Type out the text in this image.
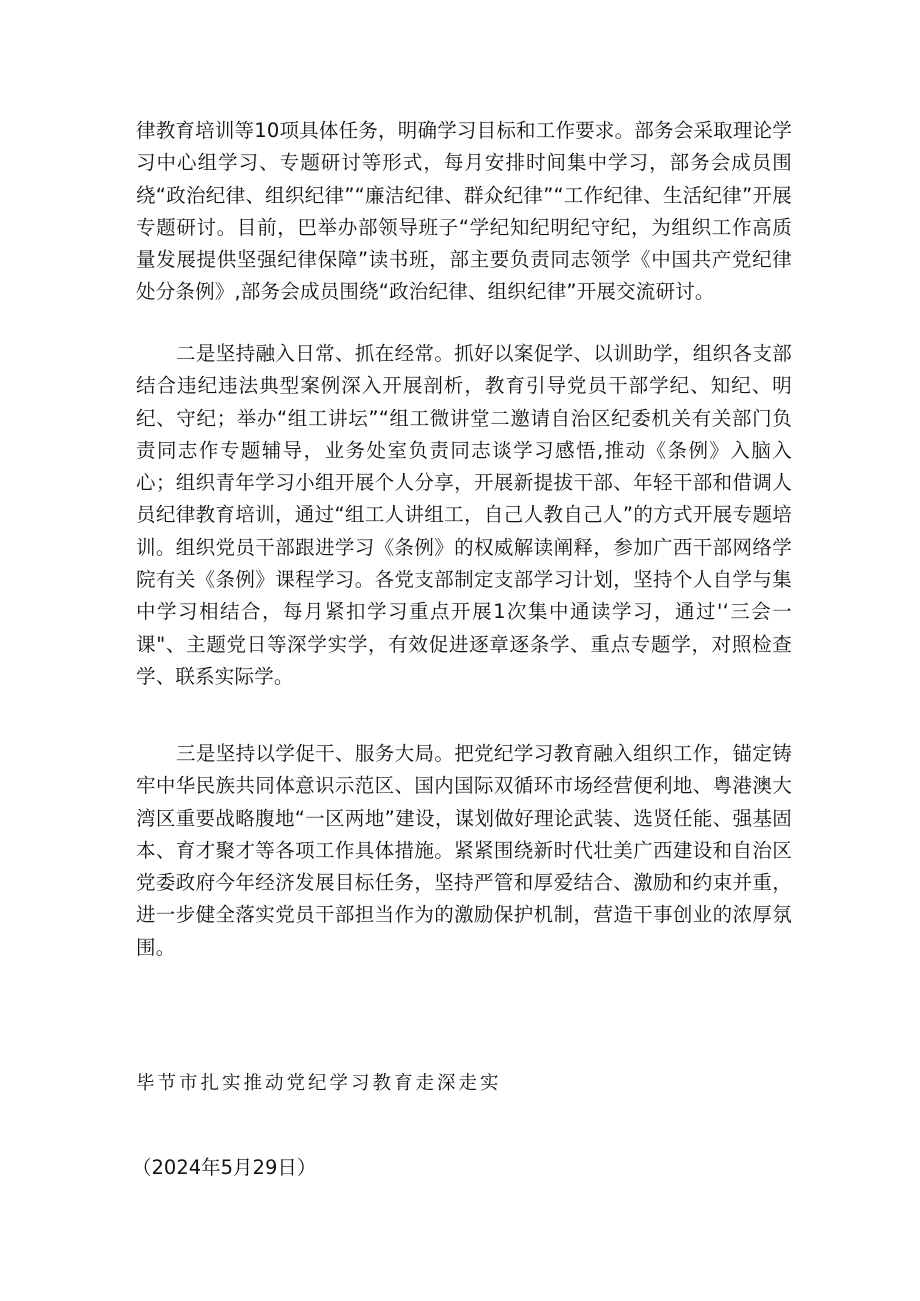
律教育培训等10项具体任务，明确学习目标和工作要求。部务会采取理论学习中心组学习、专题研讨等形式，每月安排时间集中学习，部务会成员围绕“政治纪律、组织纪律”“廉洁纪律、群众纪律”“工作纪律、生活纪律”开展专题研讨。目前，巴举办部领导班子“学纪知纪明纪守纪，为组织工作高质量发展提供坚强纪律保障”读书班，部主要负责同志领学《中国共产党纪律处分条例》,部务会成员围绕“政治纪律、组织纪律”开展交流研讨。

二是坚持融入日常、抓在经常。抓好以案促学、以训助学，组织各支部结合违纪违法典型案例深入开展剖析，教育引导党员干部学纪、知纪、明纪、守纪；举办“组工讲坛”“组工微讲堂二邀请自治区纪委机关有关部门负责同志作专题辅导，业务处室负责同志谈学习感悟,推动《条例》入脑入心；组织青年学习小组开展个人分享，开展新提拔干部、年轻干部和借调人员纪律教育培训，通过“组工人讲组工，自己人教自己人”的方式开展专题培训。组织党员干部跟进学习《条例》的权威解读阐释，参加广西干部网络学院有关《条例》课程学习。各党支部制定支部学习计划，坚持个人自学与集中学习相结合，每月紧扣学习重点开展1次集中通读学习，通过'‘三会一课"、主题党日等深学实学，有效促进逐章逐条学、重点专题学，对照检查学、联系实际学。

三是坚持以学促干、服务大局。把党纪学习教育融入组织工作，锚定铸牢中华民族共同体意识示范区、国内国际双循环市场经营便利地、粤港澳大湾区重要战略腹地“一区两地”建设，谋划做好理论武装、选贤任能、强基固本、育才聚才等各项工作具体措施。紧紧围绕新时代壮美广西建设和自治区党委政府今年经济发展目标任务，坚持严管和厚爱结合、激励和约束并重，进一步健全落实党员干部担当作为的激励保护机制，营造干事创业的浓厚氛围。

毕节市扎实推动党纪学习教育走深走实

（2024年5月29日）
